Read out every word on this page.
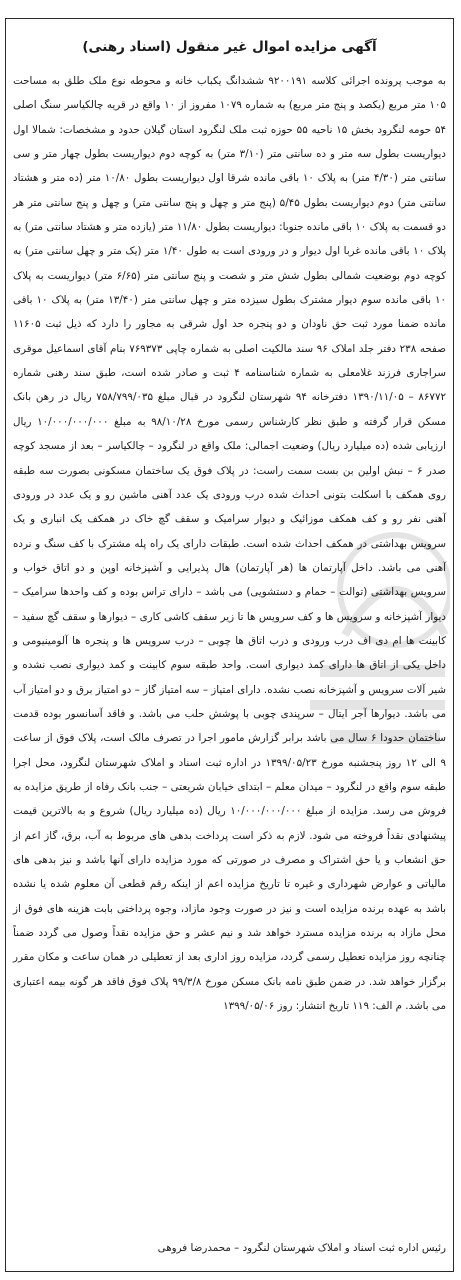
آگهی مزایده اموال غیر منقول (اسناد رهنی)

به موجب پرونده اجرائی کلاسه ۹۲۰۰۱۹۱ ششدانگ یکباب خانه و محوطه نوع ملک طلق به مساحت ۱۰۵ متر مربع (یکصد و پنج متر مربع) به شماره ۱۰۷۹ مفروز از ۱۰ واقع در قریه چالکیاسر سنگ اصلی ۵۴ حومه لنگرود بخش ۱۵ ناحیه ۵۵ حوزه ثبت ملک لنگرود استان گیلان حدود و مشخصات: شمالا اول دیواریست بطول سه متر و ده سانتی متر (۳/۱۰ متر) به کوچه دوم دیواریست بطول چهار متر و سی سانتی متر (۴/۳۰ متر) به پلاک ۱۰ باقی مانده شرقا اول دیواریست بطول ۱۰/۸۰ متر (ده متر و هشتاد سانتی متر) دوم دیواریست بطول ۵/۴۵ (پنج متر و چهل و پنج سانتی متر) و چهل و پنج سانتی متر هر دو قسمت به پلاک ۱۰ باقی مانده جنوبا: دیواریست بطول ۱۱/۸۰ متر (یازده متر و هشتاد سانتی متر) به پلاک ۱۰ باقی مانده غربا اول دیوار و در ورودی است به طول ۱/۴۰ متر (یک متر و چهل سانتی متر) به کوچه دوم بوضعیت شمالی بطول شش متر و شصت و پنج سانتی متر (۶/۶۵ متر) دیواریست به پلاک ۱۰ باقی مانده سوم دیوار مشترک بطول سیزده متر و چهل سانتی متر (۱۳/۴۰ متر) به پلاک ۱۰ باقی مانده ضمنا مورد ثبت حق ناودان و دو پنجره حد اول شرقی به مجاور را دارد که ذیل ثبت ۱۱۶۰۵ صفحه ۲۳۸ دفتر جلد املاک ۹۶ سند مالکیت اصلی به شماره چاپی ۷۶۹۳۷۳ بنام آقای اسماعیل موقری سراجاری فرزند غلامعلی به شماره شناسنامه ۴ ثبت و صادر شده است، طبق سند رهنی شماره ۸۶۷۷۲ – ۱۳۹۰/۱۱/۰۵ دفترخانه ۹۴ شهرستان لنگرود در قبال مبلغ ۷۵۸/۷۹۹/۰۳۵ ریال در رهن بانک مسکن قرار گرفته و طبق نظر کارشناس رسمی مورخ ۹۸/۱۰/۲۸ به مبلغ ۱۰/۰۰۰/۰۰۰/۰۰۰ ریال ارزیابی شده (ده میلیارد ریال) وضعیت اجمالی: ملک واقع در لنگرود – چالکیاسر – بعد از مسجد کوچه صدر ۶ – نبش اولین بن بست سمت راست: در پلاک فوق یک ساختمان مسکونی بصورت سه طبقه روی همکف با اسکلت بتونی احداث شده درب ورودی یک عدد آهنی ماشین رو و یک عدد در ورودی آهنی نفر رو و کف همکف موزائیک و دیوار سرامیک و سقف گچ خاک در همکف یک انباری و یک سرویس بهداشتی در همکف احداث شده است. طبقات دارای یک راه پله مشترک با کف سنگ و نرده آهنی می باشد. داخل آپارتمان ها (هر آپارتمان) هال پذیرایی و آشپزخانه اوپن و دو اتاق خواب و سرویس بهداشتی (توالت – حمام و دستشویی) می باشد – دارای تراس بوده و کف واحدها سرامیک – دیوار آشپزخانه و سرویس ها و کف سرویس ها تا زیر سقف کاشی کاری – دیوارها و سقف گچ سفید – کابینت ها ام دی اف درب ورودی و درب اتاق ها چوبی – درب سرویس ها و پنجره ها آلومینیومی و داخل یکی از اتاق ها دارای کمد دیواری است. واحد طبقه سوم کابینت و کمد دیواری نصب نشده و شیر آلات سرویس و آشپزخانه نصب نشده. دارای امتیاز – سه امتیاز گاز – دو امتیاز برق و دو امتیاز آب می باشد. دیوارها آجر ایتال – سرپندی چوبی با پوشش حلب می باشد. و فاقد آسانسور بوده قدمت ساختمان حدودا ۶ سال می باشد برابر گزارش مامور اجرا در تصرف مالک است، پلاک فوق از ساعت ۹ الی ۱۲ روز پنجشنبه مورخ ۱۳۹۹/۰۵/۲۳ در اداره ثبت اسناد و املاک شهرستان لنگرود، محل اجرا طبقه سوم واقع در لنگرود – میدان معلم – ابتدای خیابان شریعتی – جنب بانک رفاه از طریق مزایده به فروش می رسد. مزایده از مبلغ ۱۰/۰۰۰/۰۰۰/۰۰۰ ریال (ده میلیارد ریال) شروع و به بالاترین قیمت پیشنهادی نقداً فروخته می شود. لازم به ذکر است پرداخت بدهی های مربوط به آب، برق، گاز اعم از حق انشعاب و یا حق اشتراک و مصرف در صورتی که مورد مزایده دارای آنها باشد و نیز بدهی های مالیاتی و عوارض شهرداری و غیره تا تاریخ مزایده اعم از اینکه رقم قطعی آن معلوم شده یا نشده باشد به عهده برنده مزایده است و نیز در صورت وجود مازاد، وجوه پرداختی بابت هزینه های فوق از محل مازاد به برنده مزایده مسترد خواهد شد و نیم عشر و حق مزایده نقداً وصول می گردد ضمناً چنانچه روز مزایده تعطیل رسمی گردد، مزایده روز اداری بعد از تعطیلی در همان ساعت و مکان مقرر برگزار خواهد شد. در ضمن طبق نامه بانک مسکن مورخ ۹۹/۳/۸ پلاک فوق فاقد هر گونه بیمه اعتباری می باشد. م الف: ۱۱۹ تاریخ انتشار: روز ۱۳۹۹/۰۵/۰۶

رئیس اداره ثبت اسناد و املاک شهرستان لنگرود – محمدرضا فروهی
